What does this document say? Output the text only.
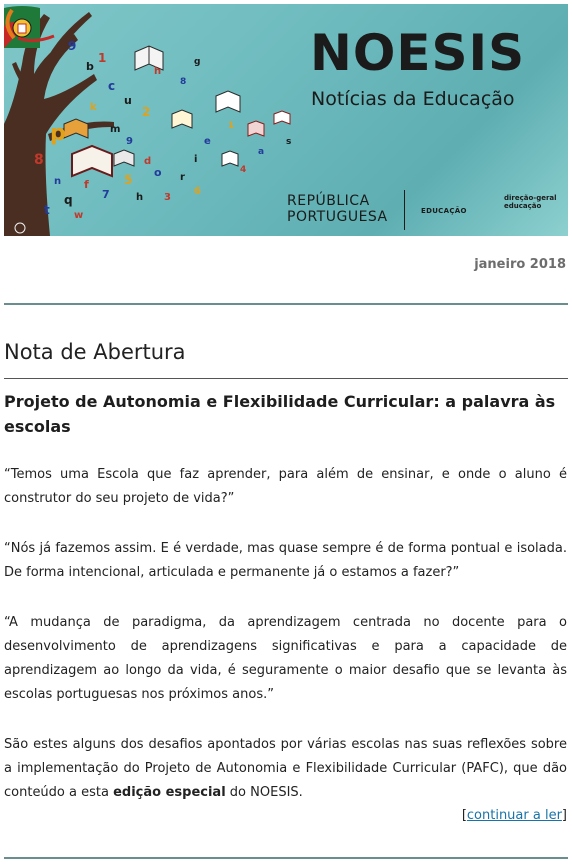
9
b
1
c
u
2
p
8
t
q
f
7
5
h
o
3
r
6
e
i
4
a
s
h
8
g
1
m
9
d
k
n
w
NOESIS
Notícias da Educação
REPÚBLICA
PORTUGUESA	EDUCAÇÃO
direção-geral
educação
janeiro 2018
Nota de Abertura
Projeto de Autonomia e Flexibilidade Curricular: a palavra às escolas
“Temos uma Escola que faz aprender, para além de ensinar, e onde o aluno é construtor do seu projeto de vida?”
“Nós já fazemos assim. E é verdade, mas quase sempre é de forma pontual e isolada. De forma intencional, articulada e permanente já o estamos a fazer?”
“A mudança de paradigma, da aprendizagem centrada no docente para o desenvolvimento de aprendizagens significativas e para a capacidade de aprendizagem ao longo da vida, é seguramente o maior desafio que se levanta às escolas portuguesas nos próximos anos.”
São estes alguns dos desafios apontados por várias escolas nas suas reflexões sobre a implementação do Projeto de Autonomia e Flexibilidade Curricular (PAFC), que dão conteúdo a esta edição especial do NOESIS.
[continuar a ler]
